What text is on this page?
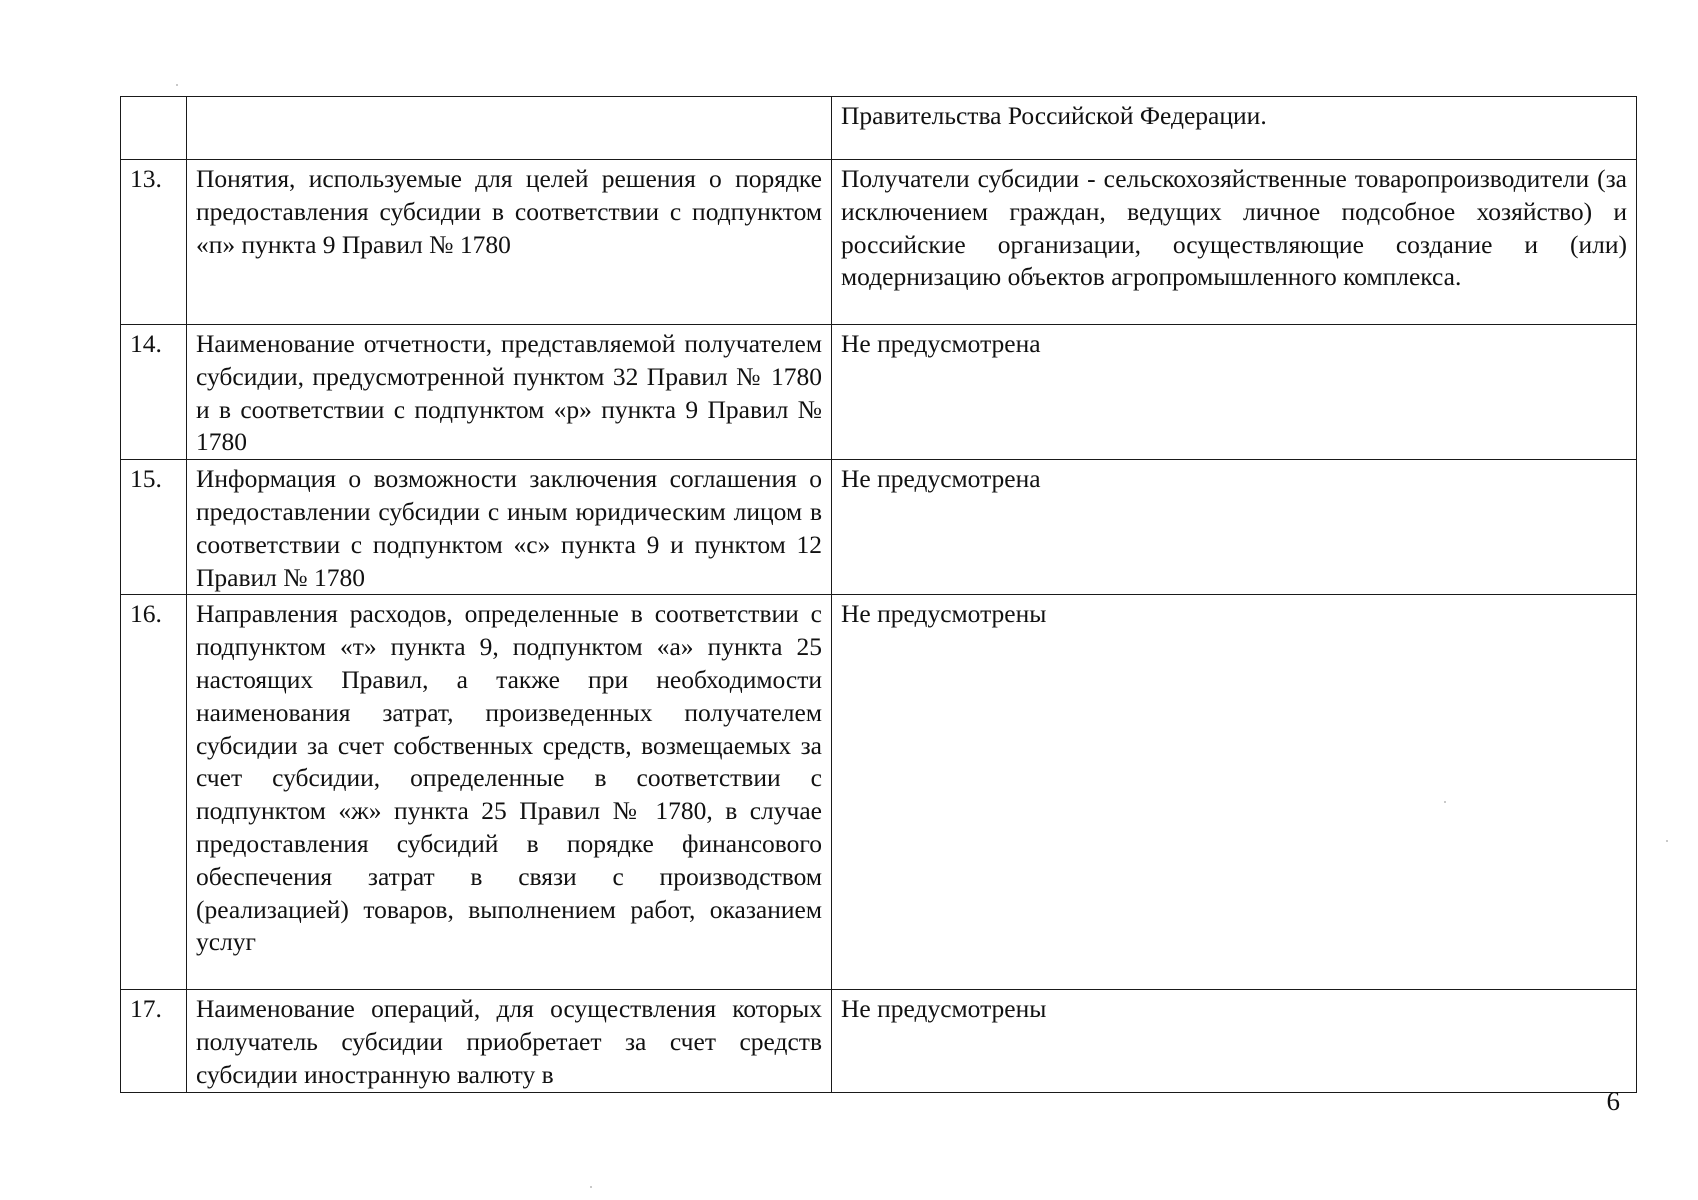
		Правительства Российской Федерации.
13.	Понятия, используемые для целей решения о порядке предоставления субсидии в соответствии с подпунктом «п» пункта 9 Правил № 1780	Получатели субсидии - сельскохозяйственные товаропроизводители (за исключением граждан, ведущих личное подсобное хозяйство) и российские организации, осуществляющие создание и (или) модернизацию объектов агропромышленного комплекса.
14.	Наименование отчетности, представляемой получателем субсидии, предусмотренной пунктом 32 Правил № 1780 и в соответствии с подпунктом «р» пункта 9 Правил № 1780	Не предусмотрена
15.	Информация о возможности заключения соглашения о предоставлении субсидии с иным юридическим лицом в соответствии с подпунктом «с» пункта 9 и пунктом 12 Правил № 1780	Не предусмотрена
16.	Направления расходов, определенные в соответствии с подпунктом «т» пункта 9, подпунктом «а» пункта 25 настоящих Правил, а также при необходимости наименования затрат, произведенных получателем субсидии за счет собственных средств, возмещаемых за счет субсидии, определенные в соответствии с подпунктом «ж» пункта 25 Правил № 1780, в случае предоставления субсидий в порядке финансового обеспечения затрат в связи с производством (реализацией) товаров, выполнением работ, оказанием услуг	Не предусмотрены
17.	Наименование операций, для осуществления которых получатель субсидии приобретает за счет средств субсидии иностранную валюту в	Не предусмотрены
6
